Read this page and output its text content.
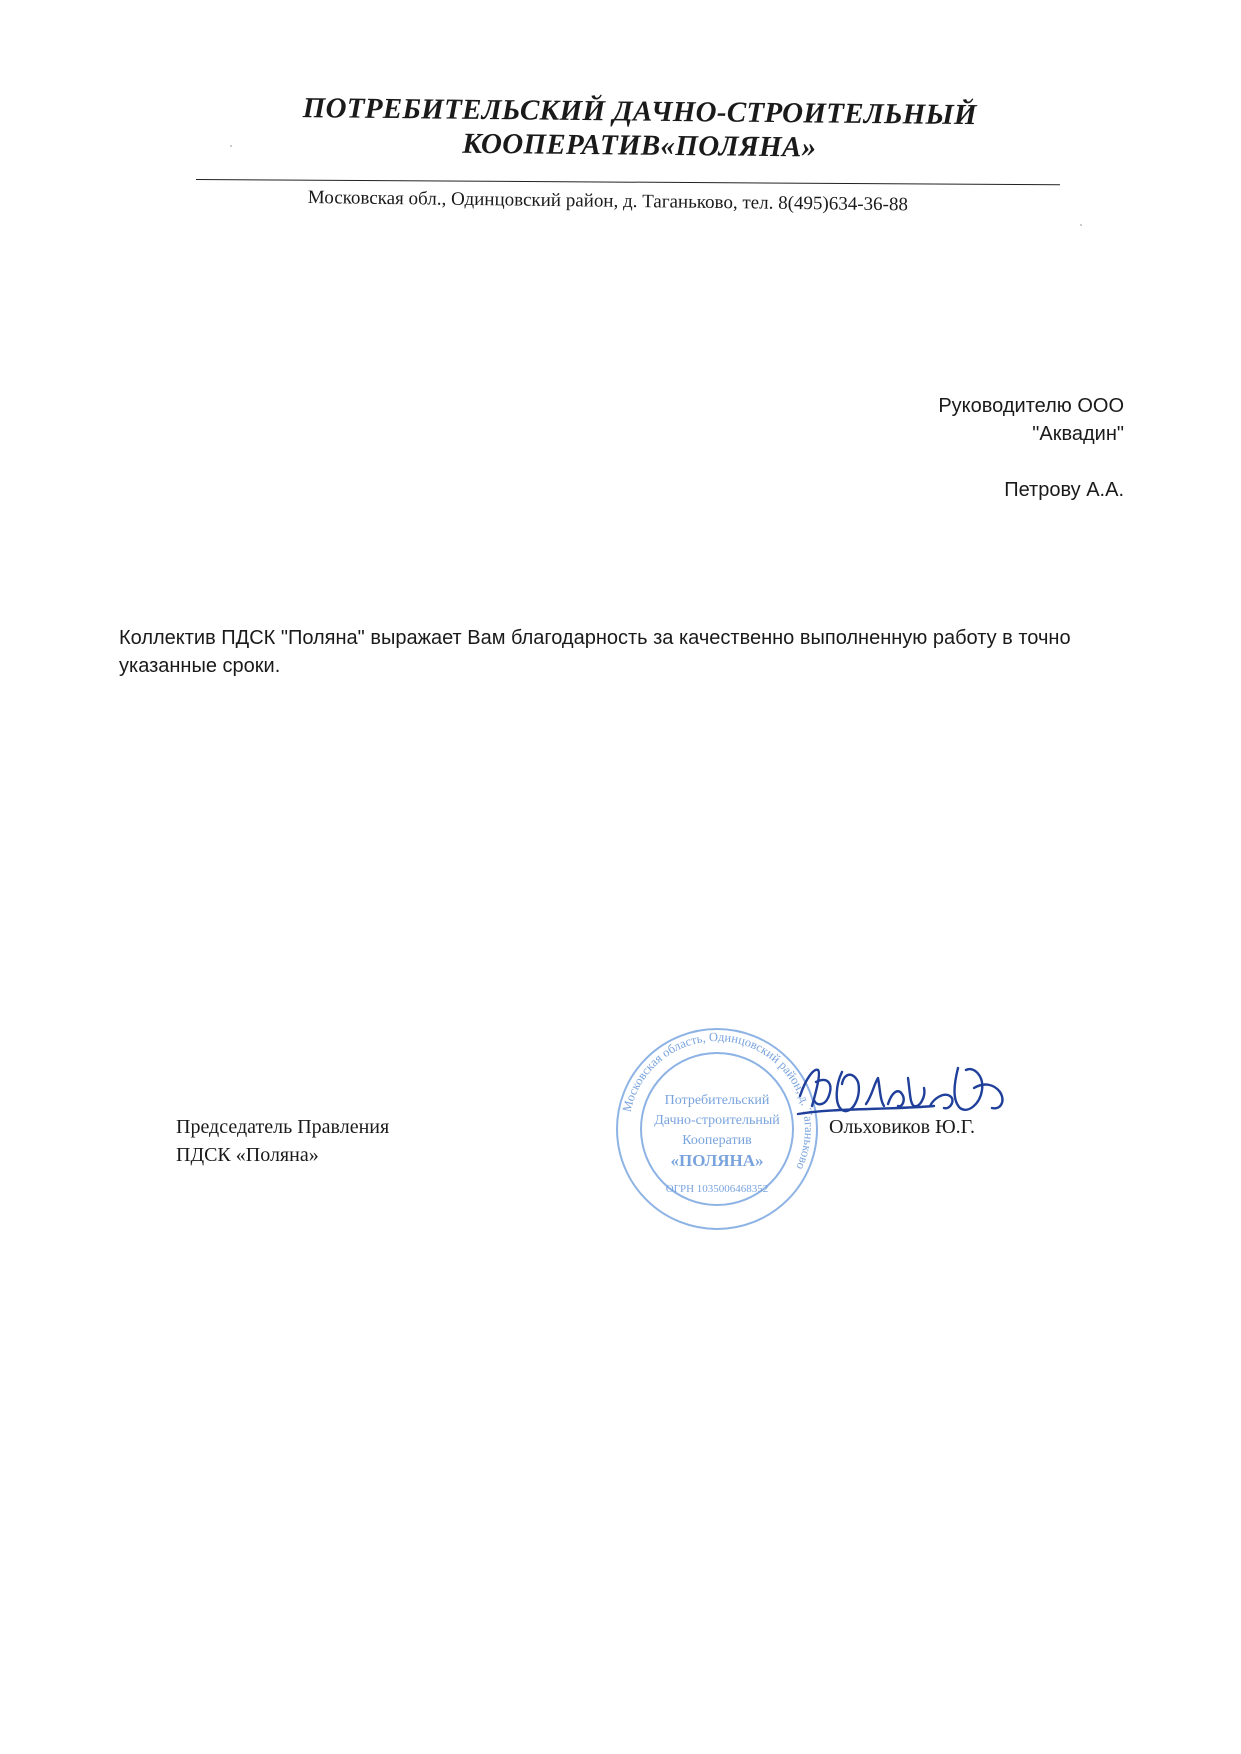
ПОТРЕБИТЕЛЬСКИЙ ДАЧНО-СТРОИТЕЛЬНЫЙ
КООПЕРАТИВ«ПОЛЯНА»
Московская обл., Одинцовский район, д. Таганьково, тел. 8(495)634-36-88
Руководителю ООО
"Аквадин"
Петрову А.А.
Коллектив ПДСК "Поляна" выражает Вам благодарность за качественно выполненную работу в точно указанные сроки.
Председатель Правления
ПДСК «Поляна»
Московская область, Одинцовский район, д. Таганьково
Потребительский
Дачно-строительный
Кооператив
«ПОЛЯНА»
ОГРН 1035006468352
Ольховиков Ю.Г.
